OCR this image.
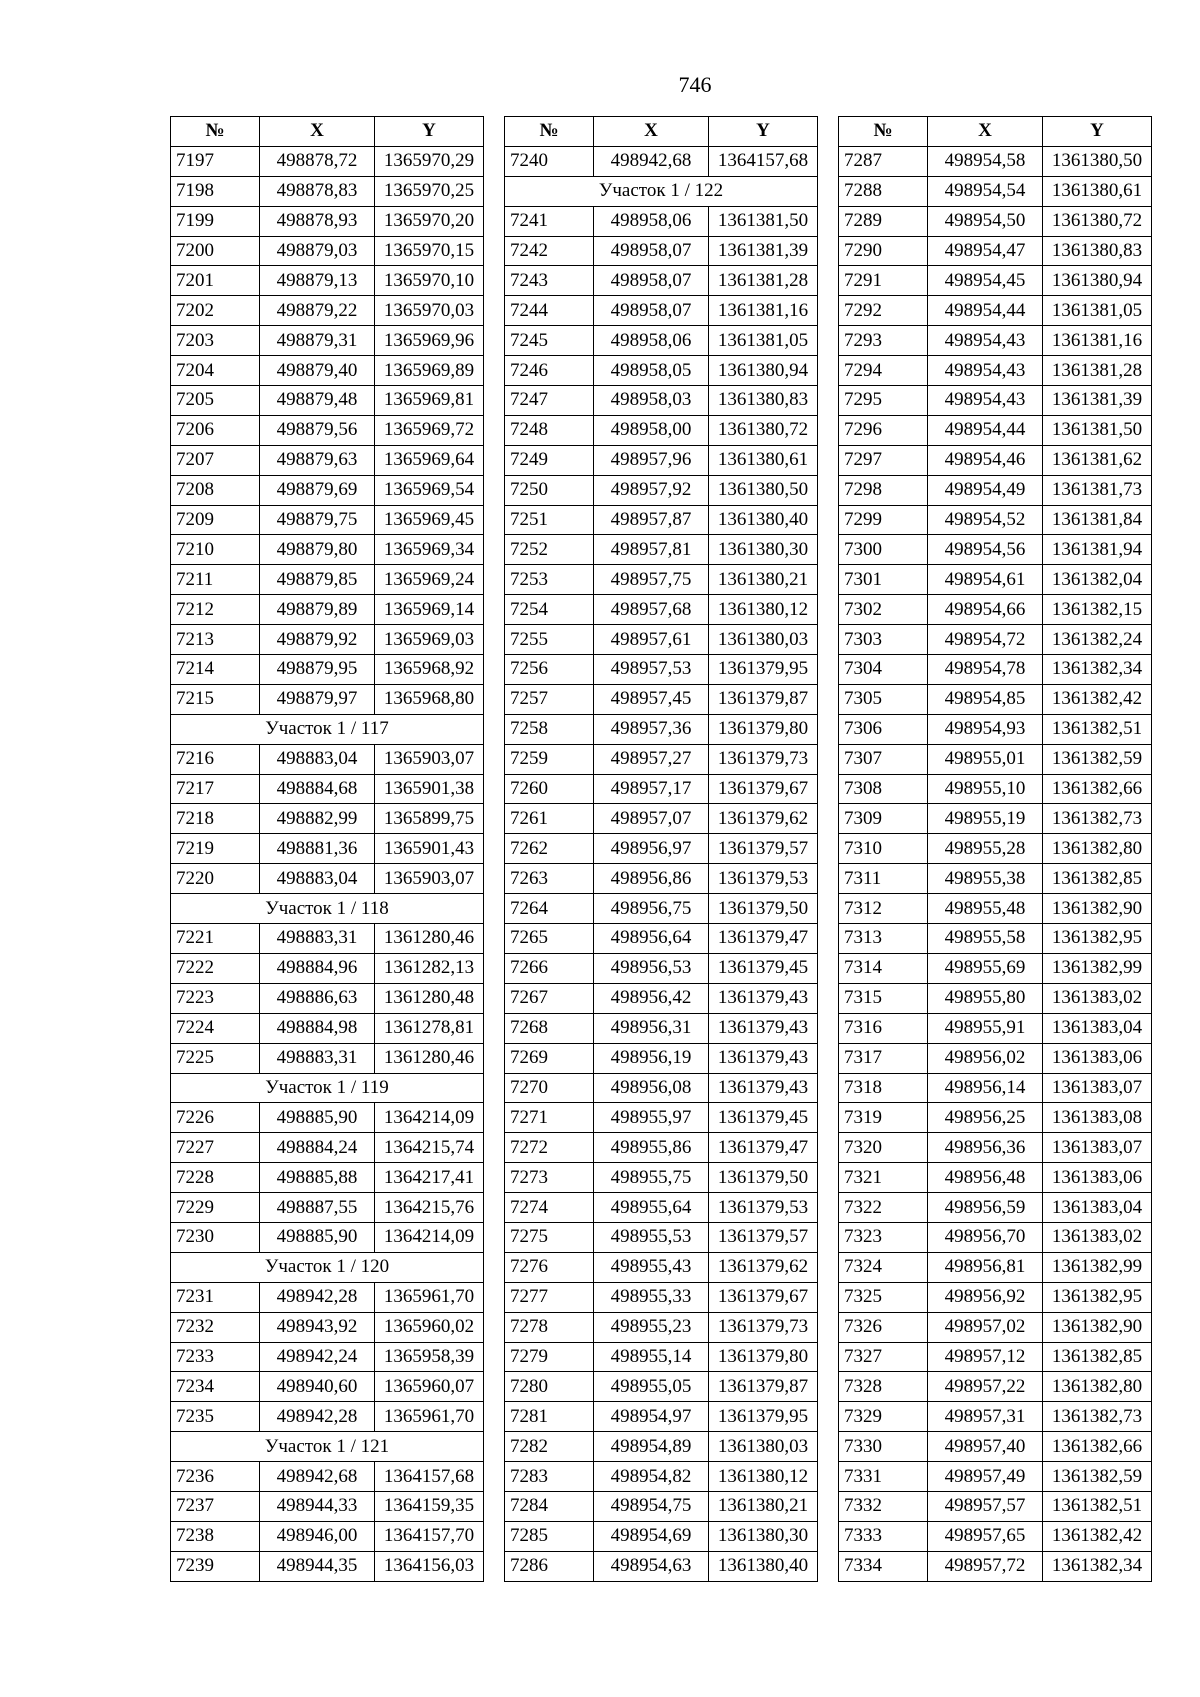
746
№	X	Y
7197	498878,72	1365970,29
7198	498878,83	1365970,25
7199	498878,93	1365970,20
7200	498879,03	1365970,15
7201	498879,13	1365970,10
7202	498879,22	1365970,03
7203	498879,31	1365969,96
7204	498879,40	1365969,89
7205	498879,48	1365969,81
7206	498879,56	1365969,72
7207	498879,63	1365969,64
7208	498879,69	1365969,54
7209	498879,75	1365969,45
7210	498879,80	1365969,34
7211	498879,85	1365969,24
7212	498879,89	1365969,14
7213	498879,92	1365969,03
7214	498879,95	1365968,92
7215	498879,97	1365968,80
Участок 1 / 117		
7216	498883,04	1365903,07
7217	498884,68	1365901,38
7218	498882,99	1365899,75
7219	498881,36	1365901,43
7220	498883,04	1365903,07
Участок 1 / 118		
7221	498883,31	1361280,46
7222	498884,96	1361282,13
7223	498886,63	1361280,48
7224	498884,98	1361278,81
7225	498883,31	1361280,46
Участок 1 / 119		
7226	498885,90	1364214,09
7227	498884,24	1364215,74
7228	498885,88	1364217,41
7229	498887,55	1364215,76
7230	498885,90	1364214,09
Участок 1 / 120		
7231	498942,28	1365961,70
7232	498943,92	1365960,02
7233	498942,24	1365958,39
7234	498940,60	1365960,07
7235	498942,28	1365961,70
Участок 1 / 121		
7236	498942,68	1364157,68
7237	498944,33	1364159,35
7238	498946,00	1364157,70
7239	498944,35	1364156,03
№	X	Y
7240	498942,68	1364157,68
Участок 1 / 122		
7241	498958,06	1361381,50
7242	498958,07	1361381,39
7243	498958,07	1361381,28
7244	498958,07	1361381,16
7245	498958,06	1361381,05
7246	498958,05	1361380,94
7247	498958,03	1361380,83
7248	498958,00	1361380,72
7249	498957,96	1361380,61
7250	498957,92	1361380,50
7251	498957,87	1361380,40
7252	498957,81	1361380,30
7253	498957,75	1361380,21
7254	498957,68	1361380,12
7255	498957,61	1361380,03
7256	498957,53	1361379,95
7257	498957,45	1361379,87
7258	498957,36	1361379,80
7259	498957,27	1361379,73
7260	498957,17	1361379,67
7261	498957,07	1361379,62
7262	498956,97	1361379,57
7263	498956,86	1361379,53
7264	498956,75	1361379,50
7265	498956,64	1361379,47
7266	498956,53	1361379,45
7267	498956,42	1361379,43
7268	498956,31	1361379,43
7269	498956,19	1361379,43
7270	498956,08	1361379,43
7271	498955,97	1361379,45
7272	498955,86	1361379,47
7273	498955,75	1361379,50
7274	498955,64	1361379,53
7275	498955,53	1361379,57
7276	498955,43	1361379,62
7277	498955,33	1361379,67
7278	498955,23	1361379,73
7279	498955,14	1361379,80
7280	498955,05	1361379,87
7281	498954,97	1361379,95
7282	498954,89	1361380,03
7283	498954,82	1361380,12
7284	498954,75	1361380,21
7285	498954,69	1361380,30
7286	498954,63	1361380,40
№	X	Y
7287	498954,58	1361380,50
7288	498954,54	1361380,61
7289	498954,50	1361380,72
7290	498954,47	1361380,83
7291	498954,45	1361380,94
7292	498954,44	1361381,05
7293	498954,43	1361381,16
7294	498954,43	1361381,28
7295	498954,43	1361381,39
7296	498954,44	1361381,50
7297	498954,46	1361381,62
7298	498954,49	1361381,73
7299	498954,52	1361381,84
7300	498954,56	1361381,94
7301	498954,61	1361382,04
7302	498954,66	1361382,15
7303	498954,72	1361382,24
7304	498954,78	1361382,34
7305	498954,85	1361382,42
7306	498954,93	1361382,51
7307	498955,01	1361382,59
7308	498955,10	1361382,66
7309	498955,19	1361382,73
7310	498955,28	1361382,80
7311	498955,38	1361382,85
7312	498955,48	1361382,90
7313	498955,58	1361382,95
7314	498955,69	1361382,99
7315	498955,80	1361383,02
7316	498955,91	1361383,04
7317	498956,02	1361383,06
7318	498956,14	1361383,07
7319	498956,25	1361383,08
7320	498956,36	1361383,07
7321	498956,48	1361383,06
7322	498956,59	1361383,04
7323	498956,70	1361383,02
7324	498956,81	1361382,99
7325	498956,92	1361382,95
7326	498957,02	1361382,90
7327	498957,12	1361382,85
7328	498957,22	1361382,80
7329	498957,31	1361382,73
7330	498957,40	1361382,66
7331	498957,49	1361382,59
7332	498957,57	1361382,51
7333	498957,65	1361382,42
7334	498957,72	1361382,34
